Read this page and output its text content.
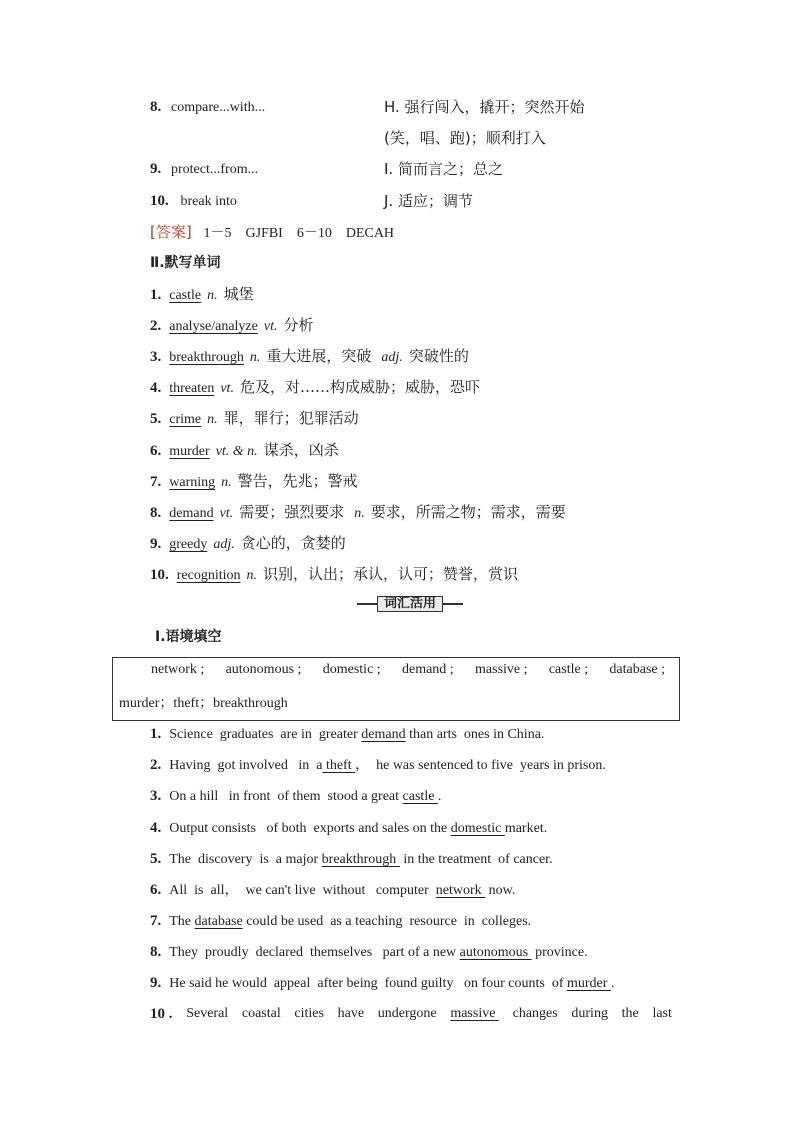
8. compare...with...	H. 强行闯入，撬开；突然开始
(笑，唱、跑)；顺利打入
9. protect...from...	I. 简而言之；总之
10. break into	J. 适应；调节
[答案] 1－5    GJFBI    6－10    DECAH
Ⅱ.默写单词
1. castle n. 城堡
2. analyse/analyze vt. 分析
3. breakthrough n. 重大进展，突破 adj. 突破性的
4. threaten vt. 危及，对……构成威胁；威胁，恐吓
5. crime n. 罪，罪行；犯罪活动
6. murder vt. & n. 谋杀，凶杀
7. warning n. 警告，先兆；警戒
8. demand vt. 需要；强烈要求 n. 要求，所需之物；需求，需要
9. greedy adj. 贪心的，贪婪的
10. recognition n. 识别，认出；承认，认可；赞誉，赏识
词汇活用
Ⅰ.语境填空
network ; autonomous ; domestic ; demand ; massive ; castle ; database ;
murder；theft；breakthrough
1. Science  graduates  are in  greater demand than arts  ones in China.
2. Having  got involved   in  a theft ，  he was sentenced to five  years in prison.
3. On a hill   in front  of them  stood a great castle .
4. Output consists   of both  exports and sales on the domestic market.
5. The  discovery  is  a major breakthrough  in the treatment  of cancer.
6. All  is  all，  we can't live  without   computer  network  now.
7. The database could be used  as a teaching  resource  in  colleges.
8. They  proudly  declared  themselves   part of a new autonomous  province.
9. He said he would  appeal  after being  found guilty   on four counts  of murder .
10 . Several coastal cities have undergone massive changes during the last
